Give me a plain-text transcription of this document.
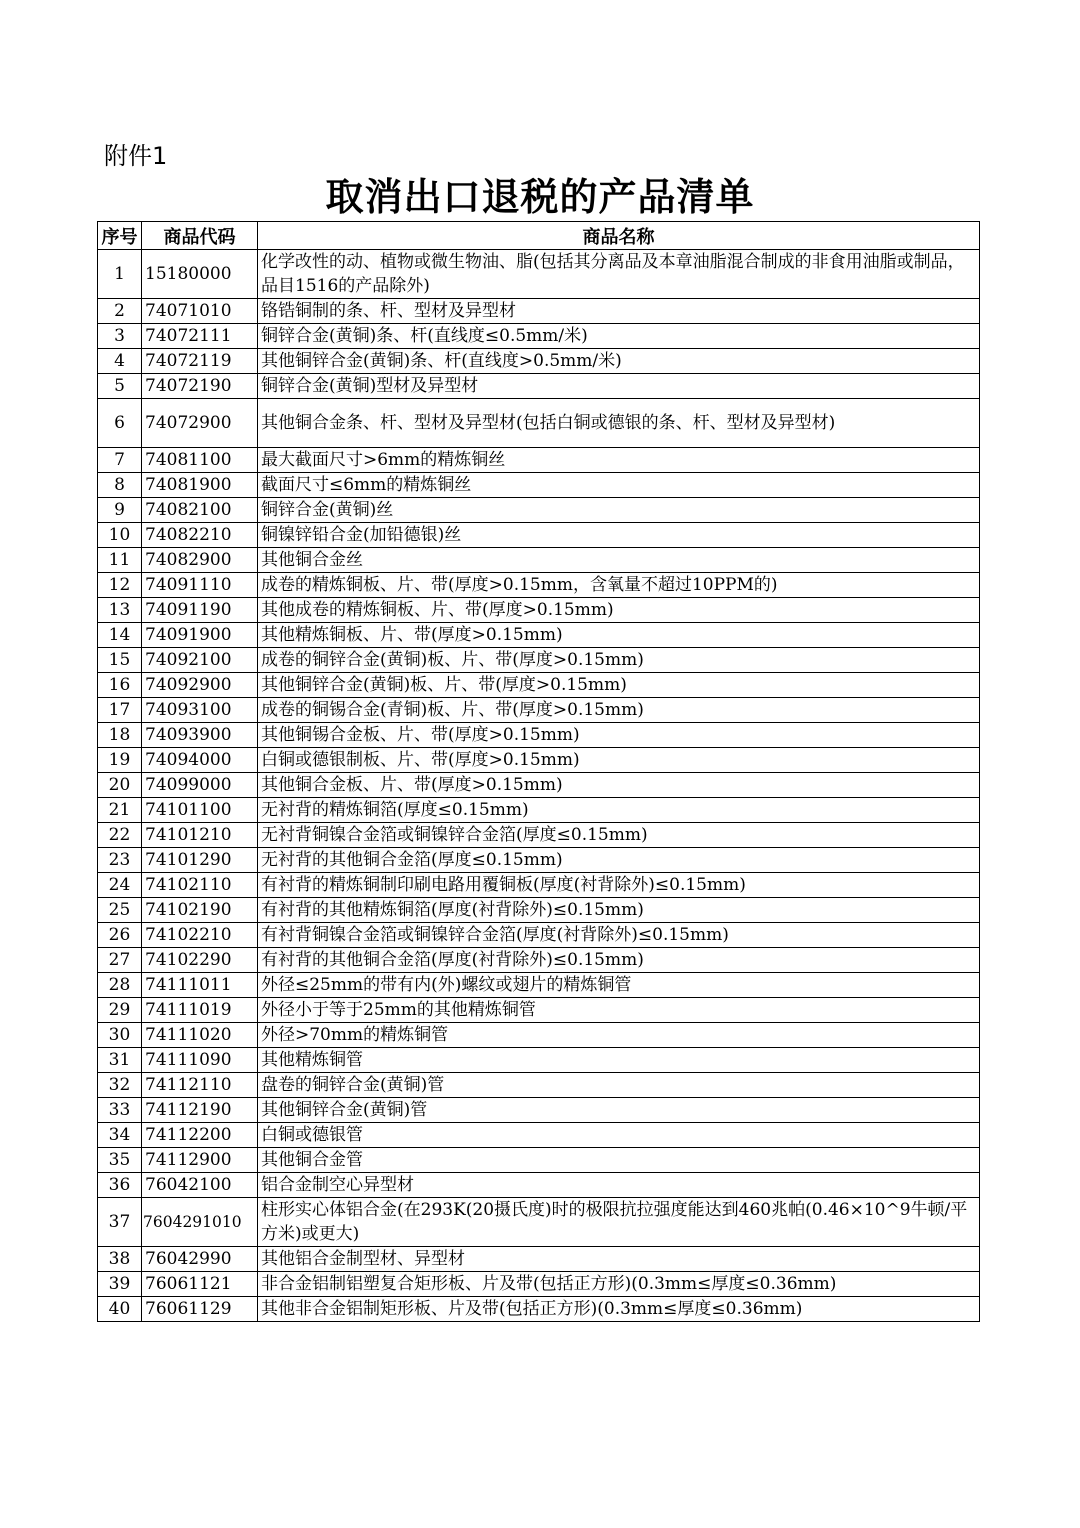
附件1
取消出口退税的产品清单
序号	商品代码	商品名称
1	15180000	化学改性的动、植物或微生物油、脂(包括其分离品及本章油脂混合制成的非食用油脂或制品，品目1516的产品除外)
2	74071010	铬锆铜制的条、杆、型材及异型材
3	74072111	铜锌合金(黄铜)条、杆(直线度≤0.5mm/米)
4	74072119	其他铜锌合金(黄铜)条、杆(直线度>0.5mm/米)
5	74072190	铜锌合金(黄铜)型材及异型材
6	74072900	其他铜合金条、杆、型材及异型材(包括白铜或德银的条、杆、型材及异型材)
7	74081100	最大截面尺寸>6mm的精炼铜丝
8	74081900	截面尺寸≤6mm的精炼铜丝
9	74082100	铜锌合金(黄铜)丝
10	74082210	铜镍锌铅合金(加铅德银)丝
11	74082900	其他铜合金丝
12	74091110	成卷的精炼铜板、片、带(厚度>0.15mm，含氧量不超过10PPM的)
13	74091190	其他成卷的精炼铜板、片、带(厚度>0.15mm)
14	74091900	其他精炼铜板、片、带(厚度>0.15mm)
15	74092100	成卷的铜锌合金(黄铜)板、片、带(厚度>0.15mm)
16	74092900	其他铜锌合金(黄铜)板、片、带(厚度>0.15mm)
17	74093100	成卷的铜锡合金(青铜)板、片、带(厚度>0.15mm)
18	74093900	其他铜锡合金板、片、带(厚度>0.15mm)
19	74094000	白铜或德银制板、片、带(厚度>0.15mm)
20	74099000	其他铜合金板、片、带(厚度>0.15mm)
21	74101100	无衬背的精炼铜箔(厚度≤0.15mm)
22	74101210	无衬背铜镍合金箔或铜镍锌合金箔(厚度≤0.15mm)
23	74101290	无衬背的其他铜合金箔(厚度≤0.15mm)
24	74102110	有衬背的精炼铜制印刷电路用覆铜板(厚度(衬背除外)≤0.15mm)
25	74102190	有衬背的其他精炼铜箔(厚度(衬背除外)≤0.15mm)
26	74102210	有衬背铜镍合金箔或铜镍锌合金箔(厚度(衬背除外)≤0.15mm)
27	74102290	有衬背的其他铜合金箔(厚度(衬背除外)≤0.15mm)
28	74111011	外径≤25mm的带有内(外)螺纹或翅片的精炼铜管
29	74111019	外径小于等于25mm的其他精炼铜管
30	74111020	外径>70mm的精炼铜管
31	74111090	其他精炼铜管
32	74112110	盘卷的铜锌合金(黄铜)管
33	74112190	其他铜锌合金(黄铜)管
34	74112200	白铜或德银管
35	74112900	其他铜合金管
36	76042100	铝合金制空心异型材
37	7604291010	柱形实心体铝合金(在293K(20摄氏度)时的极限抗拉强度能达到460兆帕(0.46×10^9牛顿/平方米)或更大)
38	76042990	其他铝合金制型材、异型材
39	76061121	非合金铝制铝塑复合矩形板、片及带(包括正方形)(0.3mm≤厚度≤0.36mm)
40	76061129	其他非合金铝制矩形板、片及带(包括正方形)(0.3mm≤厚度≤0.36mm)
